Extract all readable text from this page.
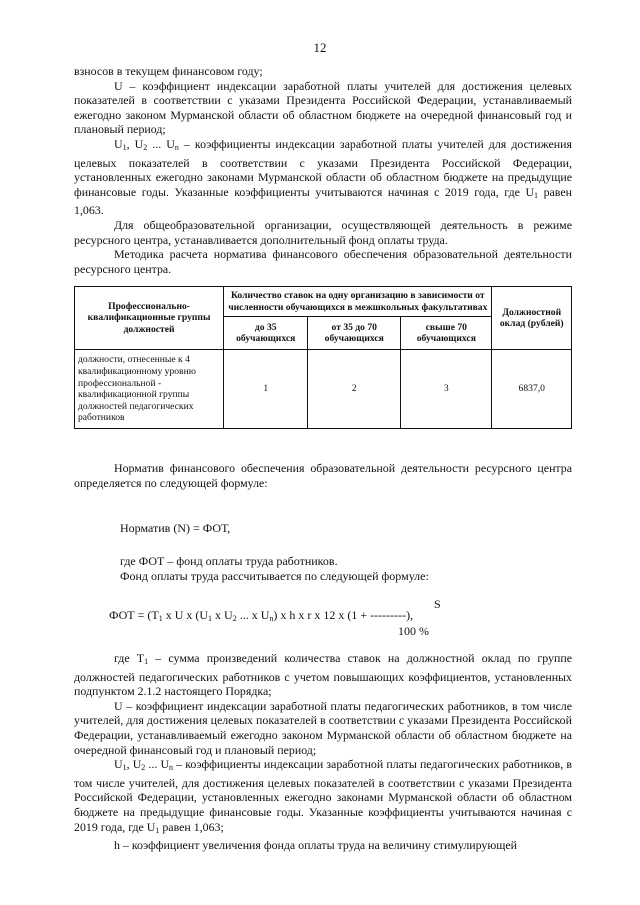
12

взносов в текущем финансовом году;

U – коэффициент индексации заработной платы учителей для достижения целевых показателей в соответствии с указами Президента Российской Федерации, устанавливаемый ежегодно законом Мурманской области об областном бюджете на очередной финансовый год и плановый период;

$U_1$, $U_2$ ... $U_n$ – коэффициенты индексации заработной платы учителей для достижения целевых показателей в соответствии с указами Президента Российской Федерации, установленных ежегодно законами Мурманской области об областном бюджете на предыдущие финансовые годы. Указанные коэффициенты учитываются начиная с 2019 года, где $U_1$ равен 1,063.

Для общеобразовательной организации, осуществляющей деятельность в режиме ресурсного центра, устанавливается дополнительный фонд оплаты труда.

Методика расчета норматива финансового обеспечения образовательной деятельности ресурсного центра.

Профессионально-квалификационные группы должностей	Количество ставок на одну организацию в зависимости от численности обучающихся в межшкольных факультативах			Должностной оклад (рублей)
	до 35 обучающихся	от 35 до 70 обучающихся	свыше 70 обучающихся	
должности, отнесенные к 4 квалификационному уровню профессиональной - квалификационной группы должностей педагогических работников	1	2	3	6837,0
Норматив финансового обеспечения образовательной деятельности ресурсного центра определяется по следующей формуле:
Норматив (N) = ФОТ,
где ФОТ – фонд оплаты труда работников.
Фонд оплаты труда рассчитывается по следующей формуле:
S
ФОТ = ($T_1$ x U x ($U_1$ x $U_2$ ... x $U_n$) x h x r x 12 x (1 + ---------),
100 %

где $T_1$ – сумма произведений количества ставок на должностной оклад по группе должностей педагогических работников с учетом повышающих коэффициентов, установленных подпунктом 2.1.2 настоящего Порядка;

U – коэффициент индексации заработной платы педагогических работников, в том числе учителей, для достижения целевых показателей в соответствии с указами Президента Российской Федерации, устанавливаемый ежегодно законом Мурманской области об областном бюджете на очередной финансовый год и плановый период;

$U_1$, $U_2$ ... $U_n$ – коэффициенты индексации заработной платы педагогических работников, в том числе учителей, для достижения целевых показателей в соответствии с указами Президента Российской Федерации, установленных ежегодно законами Мурманской области об областном бюджете на предыдущие финансовые годы. Указанные коэффициенты учитываются начиная с 2019 года, где $U_1$ равен 1,063;

h – коэффициент увеличения фонда оплаты труда на величину стимулирующей
